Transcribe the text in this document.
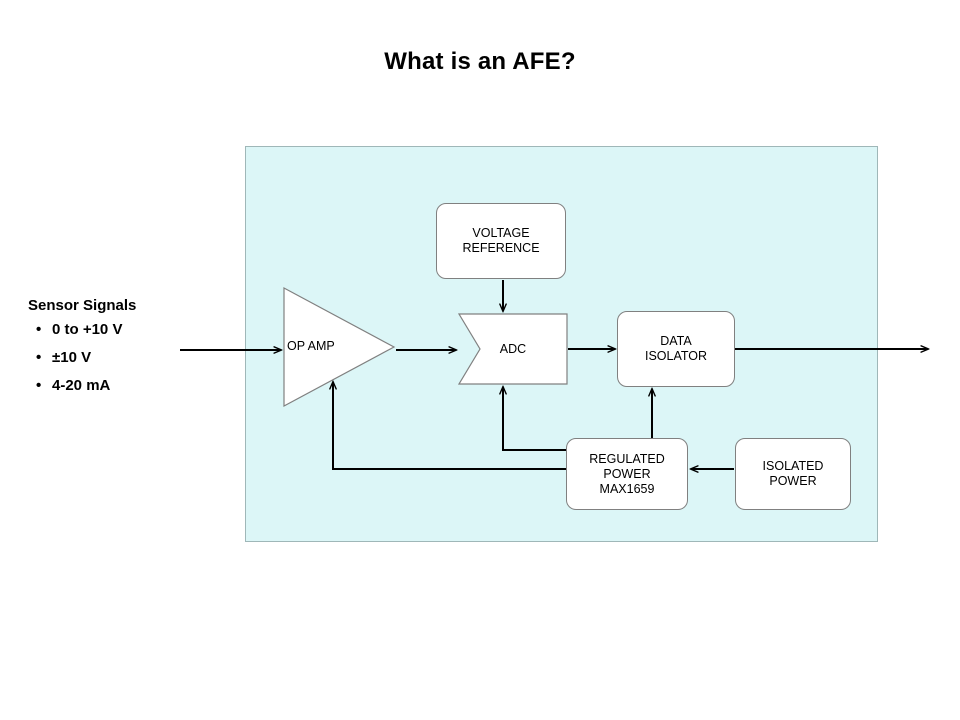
What is an AFE?
Sensor Signals
• 0 to +10 V
• ±10 V
• 4-20 mA
VOLTAGE
REFERENCE
OP AMP	ADC
DATA
ISOLATOR
REGULATED
POWER
MAX1659
ISOLATED
POWER
